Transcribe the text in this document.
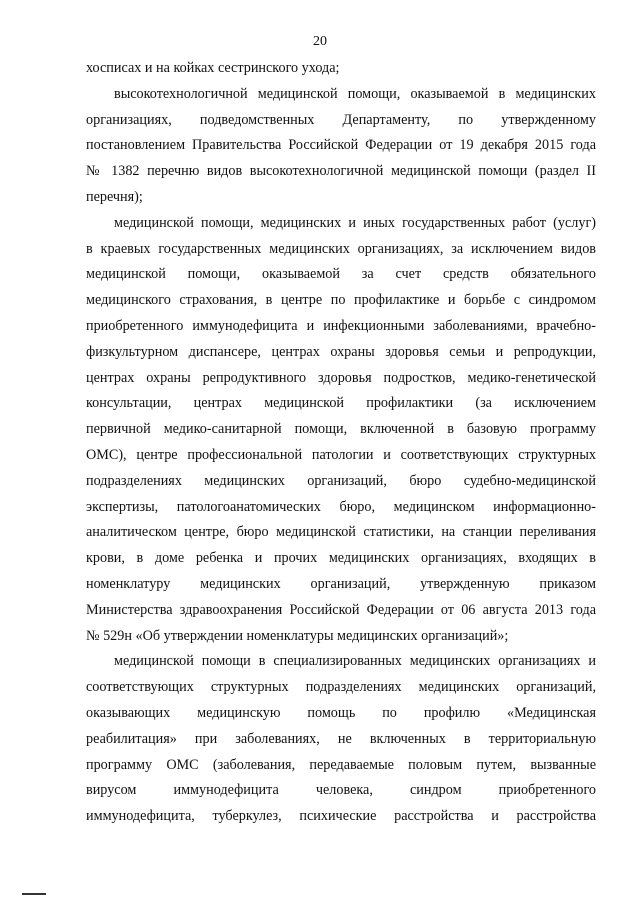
20
хосписах и на койках сестринского ухода;
высокотехнологичной медицинской помощи, оказываемой в медицинских
организациях, подведомственных Департаменту, по утвержденному
постановлением Правительства Российской Федерации от 19 декабря 2015 года
№ 1382 перечню видов высокотехнологичной медицинской помощи (раздел II
перечня);
медицинской помощи, медицинских и иных государственных работ (услуг)
в краевых государственных медицинских организациях, за исключением видов
медицинской помощи, оказываемой за счет средств обязательного
медицинского страхования, в центре по профилактике и борьбе с синдромом
приобретенного иммунодефицита и инфекционными заболеваниями, врачебно-
физкультурном диспансере, центрах охраны здоровья семьи и репродукции,
центрах охраны репродуктивного здоровья подростков, медико-генетической
консультации, центрах медицинской профилактики (за исключением
первичной медико-санитарной помощи, включенной в базовую программу
ОМС), центре профессиональной патологии и соответствующих структурных
подразделениях медицинских организаций, бюро судебно-медицинской
экспертизы, патологоанатомических бюро, медицинском информационно-
аналитическом центре, бюро медицинской статистики, на станции переливания
крови, в доме ребенка и прочих медицинских организациях, входящих в
номенклатуру медицинских организаций, утвержденную приказом
Министерства здравоохранения Российской Федерации от 06 августа 2013 года
№ 529н «Об утверждении номенклатуры медицинских организаций»;
медицинской помощи в специализированных медицинских организациях и
соответствующих структурных подразделениях медицинских организаций,
оказывающих медицинскую помощь по профилю «Медицинская
реабилитация» при заболеваниях, не включенных в территориальную
программу ОМС (заболевания, передаваемые половым путем, вызванные
вирусом иммунодефицита человека, синдром приобретенного
иммунодефицита, туберкулез, психические расстройства и расстройства
